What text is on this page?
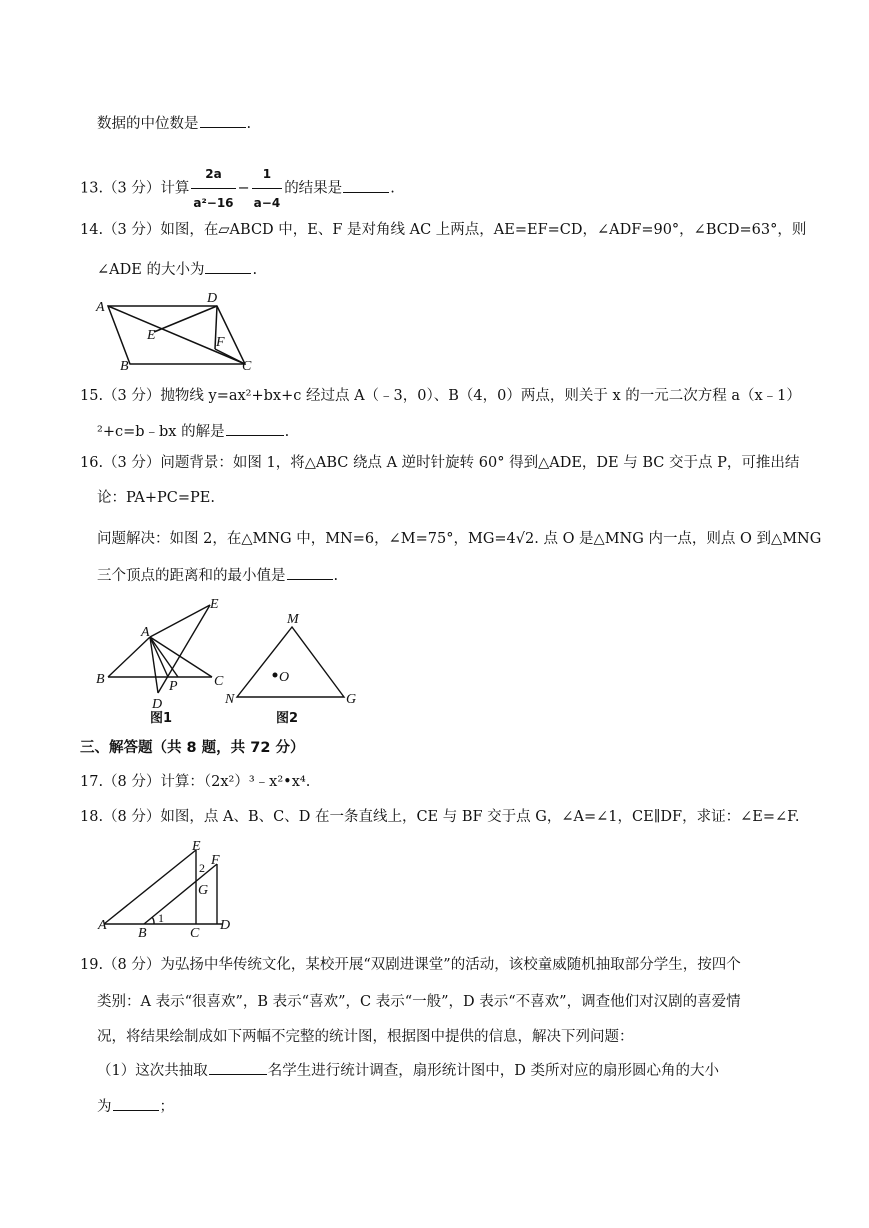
数据的中位数是	.
13.（3 分）计算 $\frac{2a}{\text{a²−16}} - \frac{1}{a-4}$ 的结果是	.
14.（3 分）如图，在▱ABCD 中，E、F 是对角线 AC 上两点，AE=EF=CD，∠ADF=90°，∠BCD=63°，则
∠ADE 的大小为	.
A
D
E	F
B	C
15.（3 分）抛物线 y=ax²+bx+c 经过点 A（﹣3，0）、B（4，0）两点，则关于 x 的一元二次方程 a（x﹣1）
²+c=b﹣bx 的解是	.
16.（3 分）问题背景：如图 1，将△ABC 绕点 A 逆时针旋转 60° 得到△ADE，DE 与 BC 交于点 P，可推出结
论：PA+PC=PE.
问题解决：如图 2，在△MNG 中，MN=6，∠M=75°，MG=4√2. 点 O 是△MNG 内一点，则点 O 到△MNG
三个顶点的距离和的最小值是	.
B	C
A
E
D
P
图1
M
N	G
O
图2
三、解答题（共 8 题，共 72 分）
17.（8 分）计算：（2x²）³﹣x²•x⁴.
18.（8 分）如图，点 A、B、C、D 在一条直线上，CE 与 BF 交于点 G，∠A=∠1，CE∥DF，求证：∠E=∠F.
A
B	C
D
E
F
G
1
2
19.（8 分）为弘扬中华传统文化，某校开展“双剧进课堂”的活动，该校童威随机抽取部分学生，按四个
类别：A 表示“很喜欢”，B 表示“喜欢”，C 表示“一般”，D 表示“不喜欢”，调查他们对汉剧的喜爱情
况，将结果绘制成如下两幅不完整的统计图，根据图中提供的信息，解决下列问题：
（1）这次共抽取	名学生进行统计调查，扇形统计图中，D 类所对应的扇形圆心角的大小
为	；
